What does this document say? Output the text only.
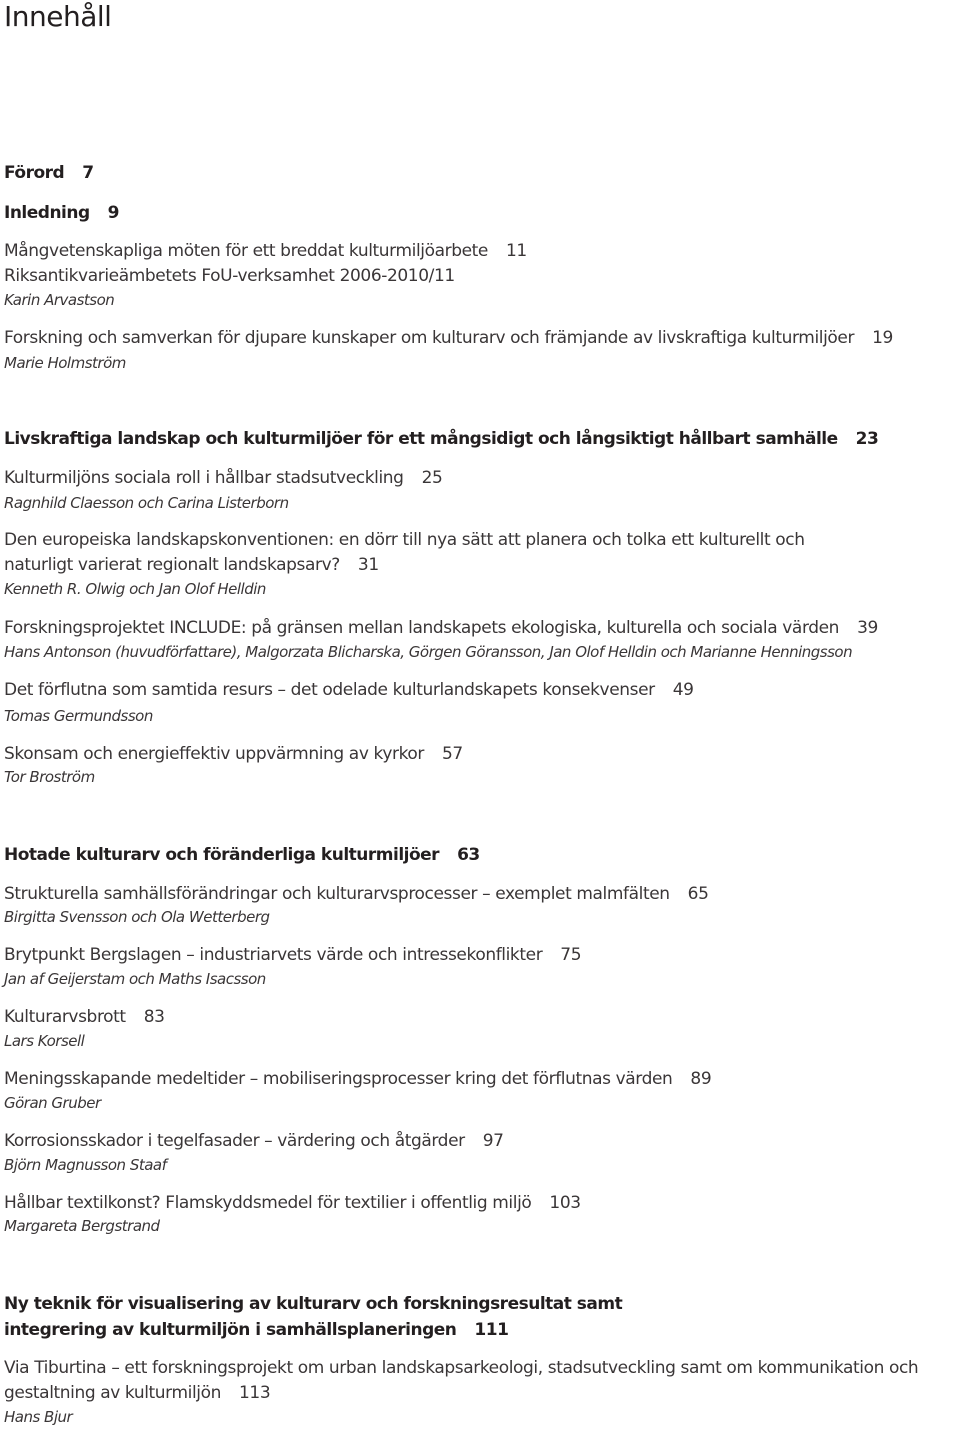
Innehåll
Förord 7
Inledning 9
Mångvetenskapliga möten för ett breddat kulturmiljöarbete 11
Riksantikvarieämbetets FoU-verksamhet 2006-2010/11
Karin Arvastson
Forskning och samverkan för djupare kunskaper om kulturarv och främjande av livskraftiga kulturmiljöer 19
Marie Holmström
Livskraftiga landskap och kulturmiljöer för ett mångsidigt och långsiktigt hållbart samhälle 23
Kulturmiljöns sociala roll i hållbar stadsutveckling 25
Ragnhild Claesson och Carina Listerborn
Den europeiska landskapskonventionen: en dörr till nya sätt att planera och tolka ett kulturellt och
naturligt varierat regionalt landskapsarv? 31
Kenneth R. Olwig och Jan Olof Helldin
Forskningsprojektet INCLUDE: på gränsen mellan landskapets ekologiska, kulturella och sociala värden 39
Hans Antonson (huvudförfattare), Malgorzata Blicharska, Görgen Göransson, Jan Olof Helldin och Marianne Henningsson
Det förflutna som samtida resurs – det odelade kulturlandskapets konsekvenser 49
Tomas Germundsson
Skonsam och energieffektiv uppvärmning av kyrkor 57
Tor Broström
Hotade kulturarv och föränderliga kulturmiljöer 63
Strukturella samhällsförändringar och kulturarvsprocesser – exemplet malmfälten 65
Birgitta Svensson och Ola Wetterberg
Brytpunkt Bergslagen – industriarvets värde och intressekonflikter 75
Jan af Geijerstam och Maths Isacsson
Kulturarvsbrott 83
Lars Korsell
Meningsskapande medeltider – mobiliseringsprocesser kring det förflutnas värden 89
Göran Gruber
Korrosionsskador i tegelfasader – värdering och åtgärder 97
Björn Magnusson Staaf
Hållbar textilkonst? Flamskyddsmedel för textilier i offentlig miljö 103
Margareta Bergstrand
Ny teknik för visualisering av kulturarv och forskningsresultat samt
integrering av kulturmiljön i samhällsplaneringen 111
Via Tiburtina – ett forskningsprojekt om urban landskapsarkeologi, stadsutveckling samt om kommunikation och
gestaltning av kulturmiljön 113
Hans Bjur
